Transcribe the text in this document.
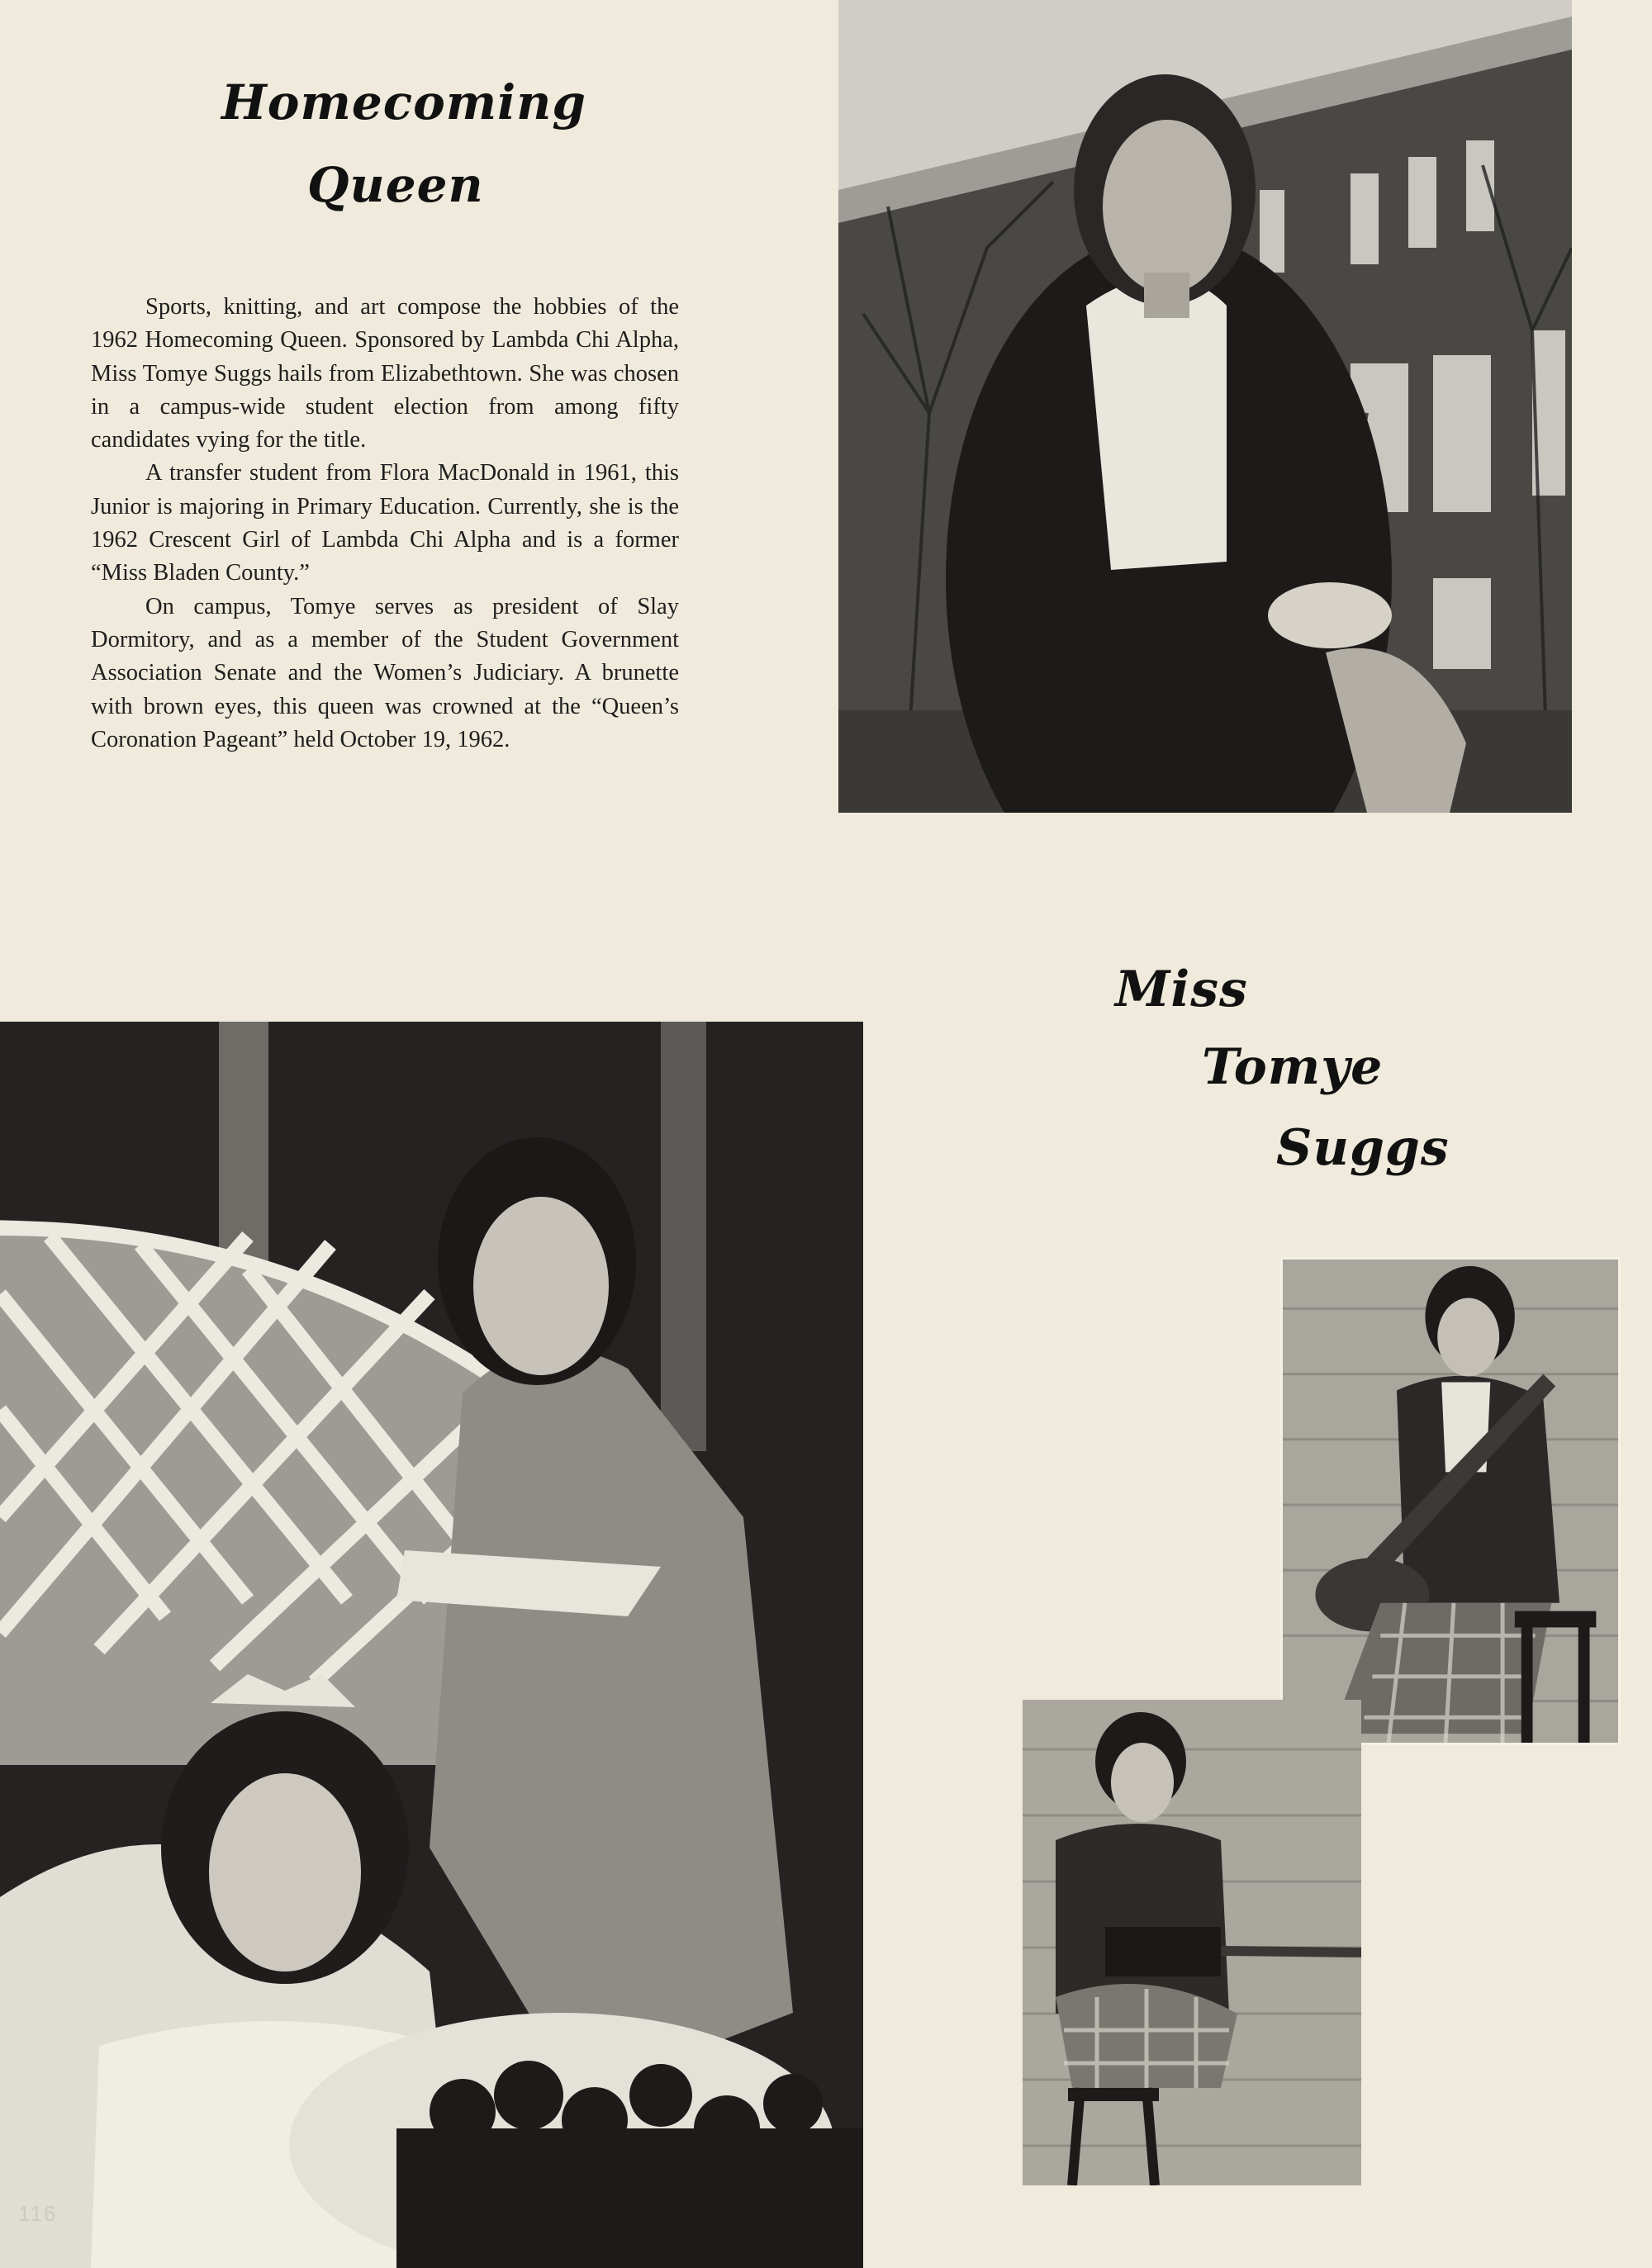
Homecoming
Queen

Sports, knitting, and art compose the hobbies of the 1962 Homecoming Queen. Sponsored by Lambda Chi Alpha, Miss Tomye Suggs hails from Elizabethtown. She was chosen in a campus-wide student election from among fifty candidates vying for the title.

A transfer student from Flora MacDonald in 1961, this Junior is majoring in Primary Education. Currently, she is the 1962 Crescent Girl of Lambda Chi Alpha and is a former “Miss Bladen County.”

On campus, Tomye serves as president of Slay Dormitory, and as a member of the Student Government Association Senate and the Women’s Judiciary. A brunette with brown eyes, this queen was crowned at the “Queen’s Coronation Pageant” held October 19, 1962.

Miss
Tomye
Suggs
116
